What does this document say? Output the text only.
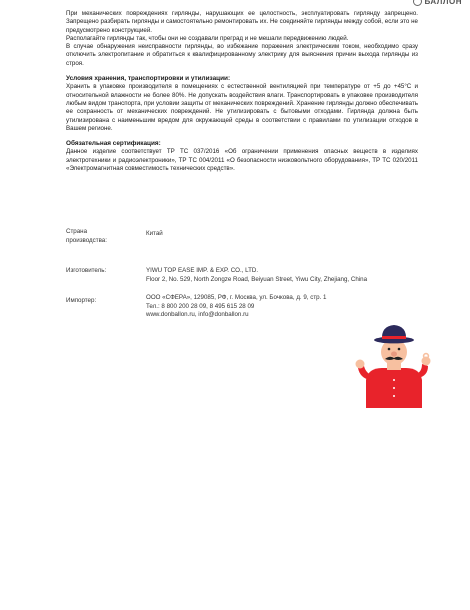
БАЛЛОН

При механических повреждениях гирлянды, нарушающих ее целостность, эксплуатировать гирлянду запрещено. Запрещено разбирать гирлянды и самостоятельно ремонтировать их. Не соединяйте гирлянды между собой, если это не предусмотрено конструкцией.

Располагайте гирлянды так, чтобы они не создавали преград и не мешали передвижению людей.

В случае обнаружения неисправности гирлянды, во избежание поражения электрическим током, необходимо сразу отключить электропитание и обратиться к квалифицированному электрику для выяснения причин выхода гирлянды из строя.

Условия хранения, транспортировки и утилизации:

Хранить в упаковке производителя в помещениях с естественной вентиляцией при температуре от +5 до +45°С и относительной влажности не более 80%. Не допускать воздействия влаги. Транспортировать в упаковке производителя любым видом транспорта, при условии защиты от механических повреждений. Хранение гирлянды должно обеспечивать ее сохранность от механических повреждений. Не утилизировать с бытовыми отходами. Гирлянда должна быть утилизирована с наименьшим вредом для окружающей среды в соответствии с правилами по утилизации отходов в Вашем регионе.

Обязательная сертификация:

Данное изделие соответствует ТР ТС 037/2016 «Об ограничении применения опасных веществ в изделиях электротехники и радиоэлектроники», ТР ТС 004/2011 «О безопасности низковольтного оборудования», ТР ТС 020/2011 «Электромагнитная совместимость технических средств».

Страна
производства:
Китай
Изготовитель:	YIWU TOP EASE IMP. & EXP. CO., LTD.
Floor 2, No. 529, North Zongze Road, Beiyuan Street, Yiwu City, Zhejiang, China
Импортер:	ООО «СФЕРА», 129085, РФ, г. Москва, ул. Бочкова, д. 9, стр. 1
Тел.: 8 800 200 28 09, 8 495 615 28 09
www.donballon.ru, info@donballon.ru
